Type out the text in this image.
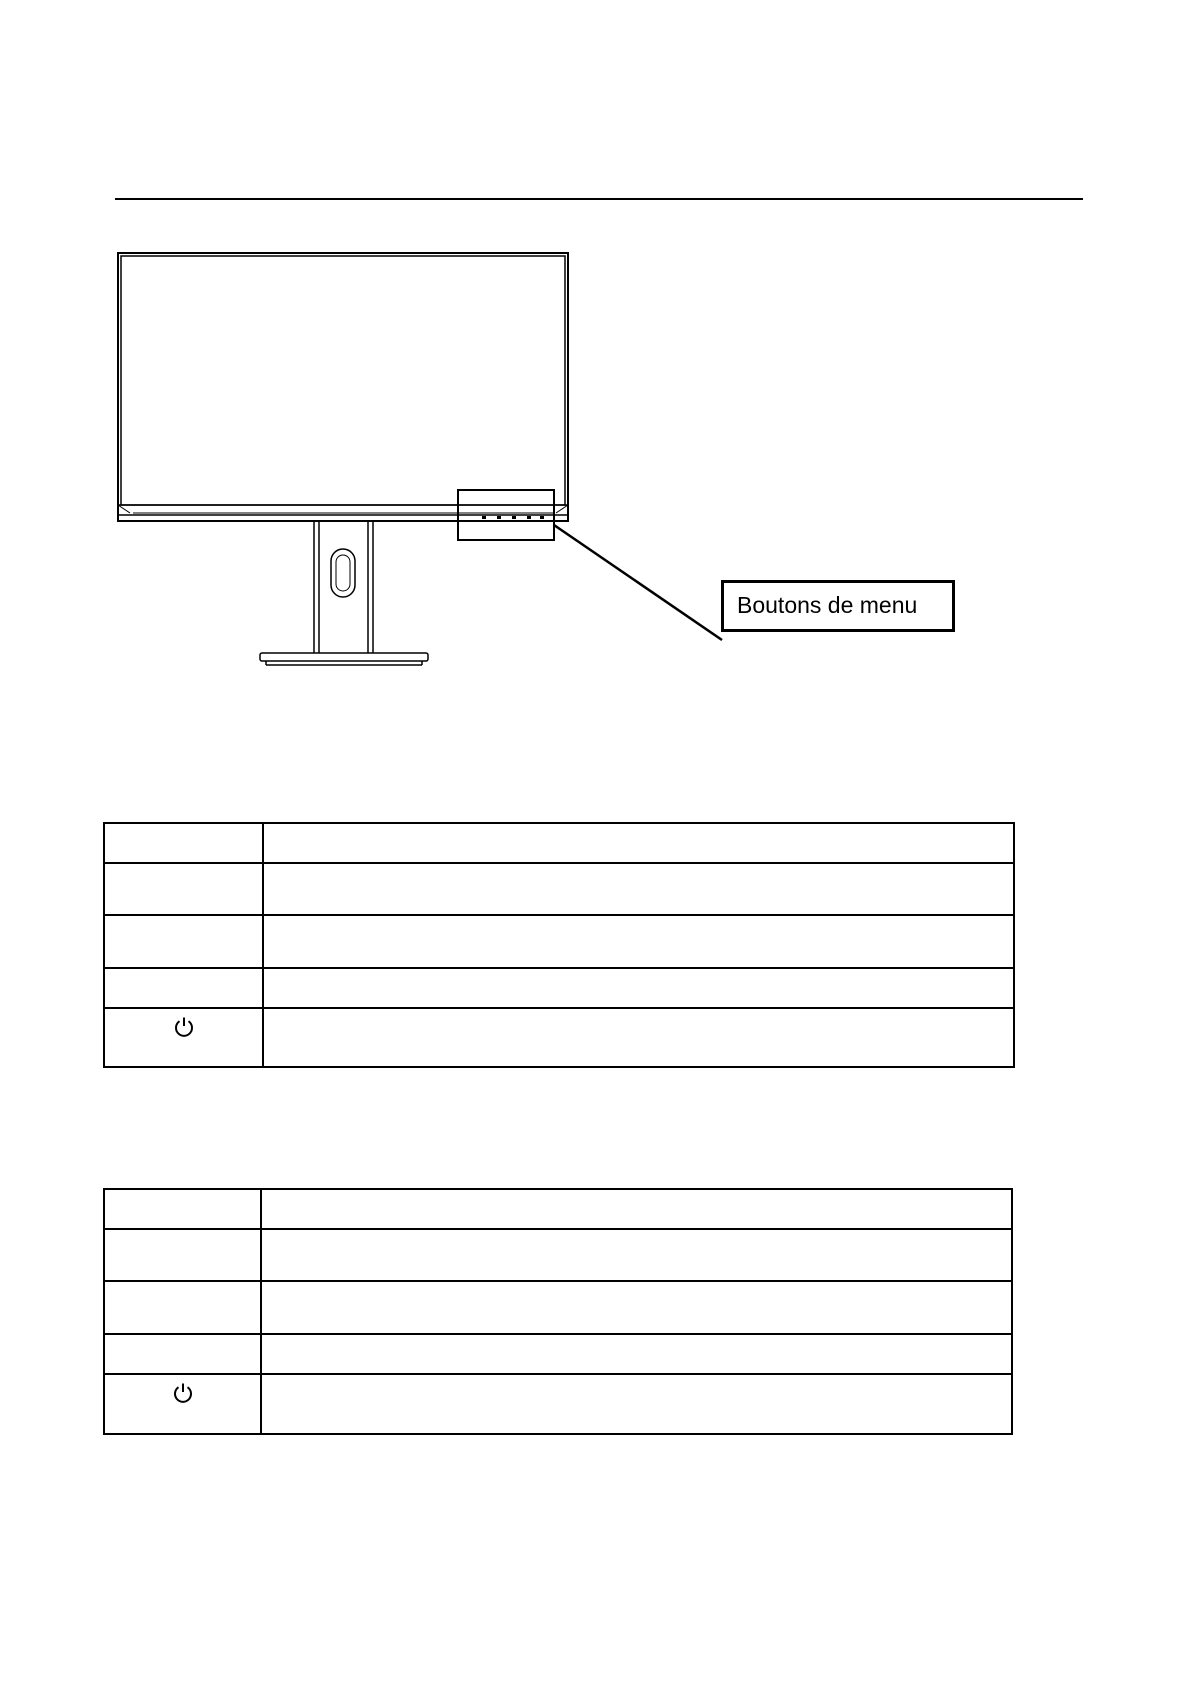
Boutons de menu
